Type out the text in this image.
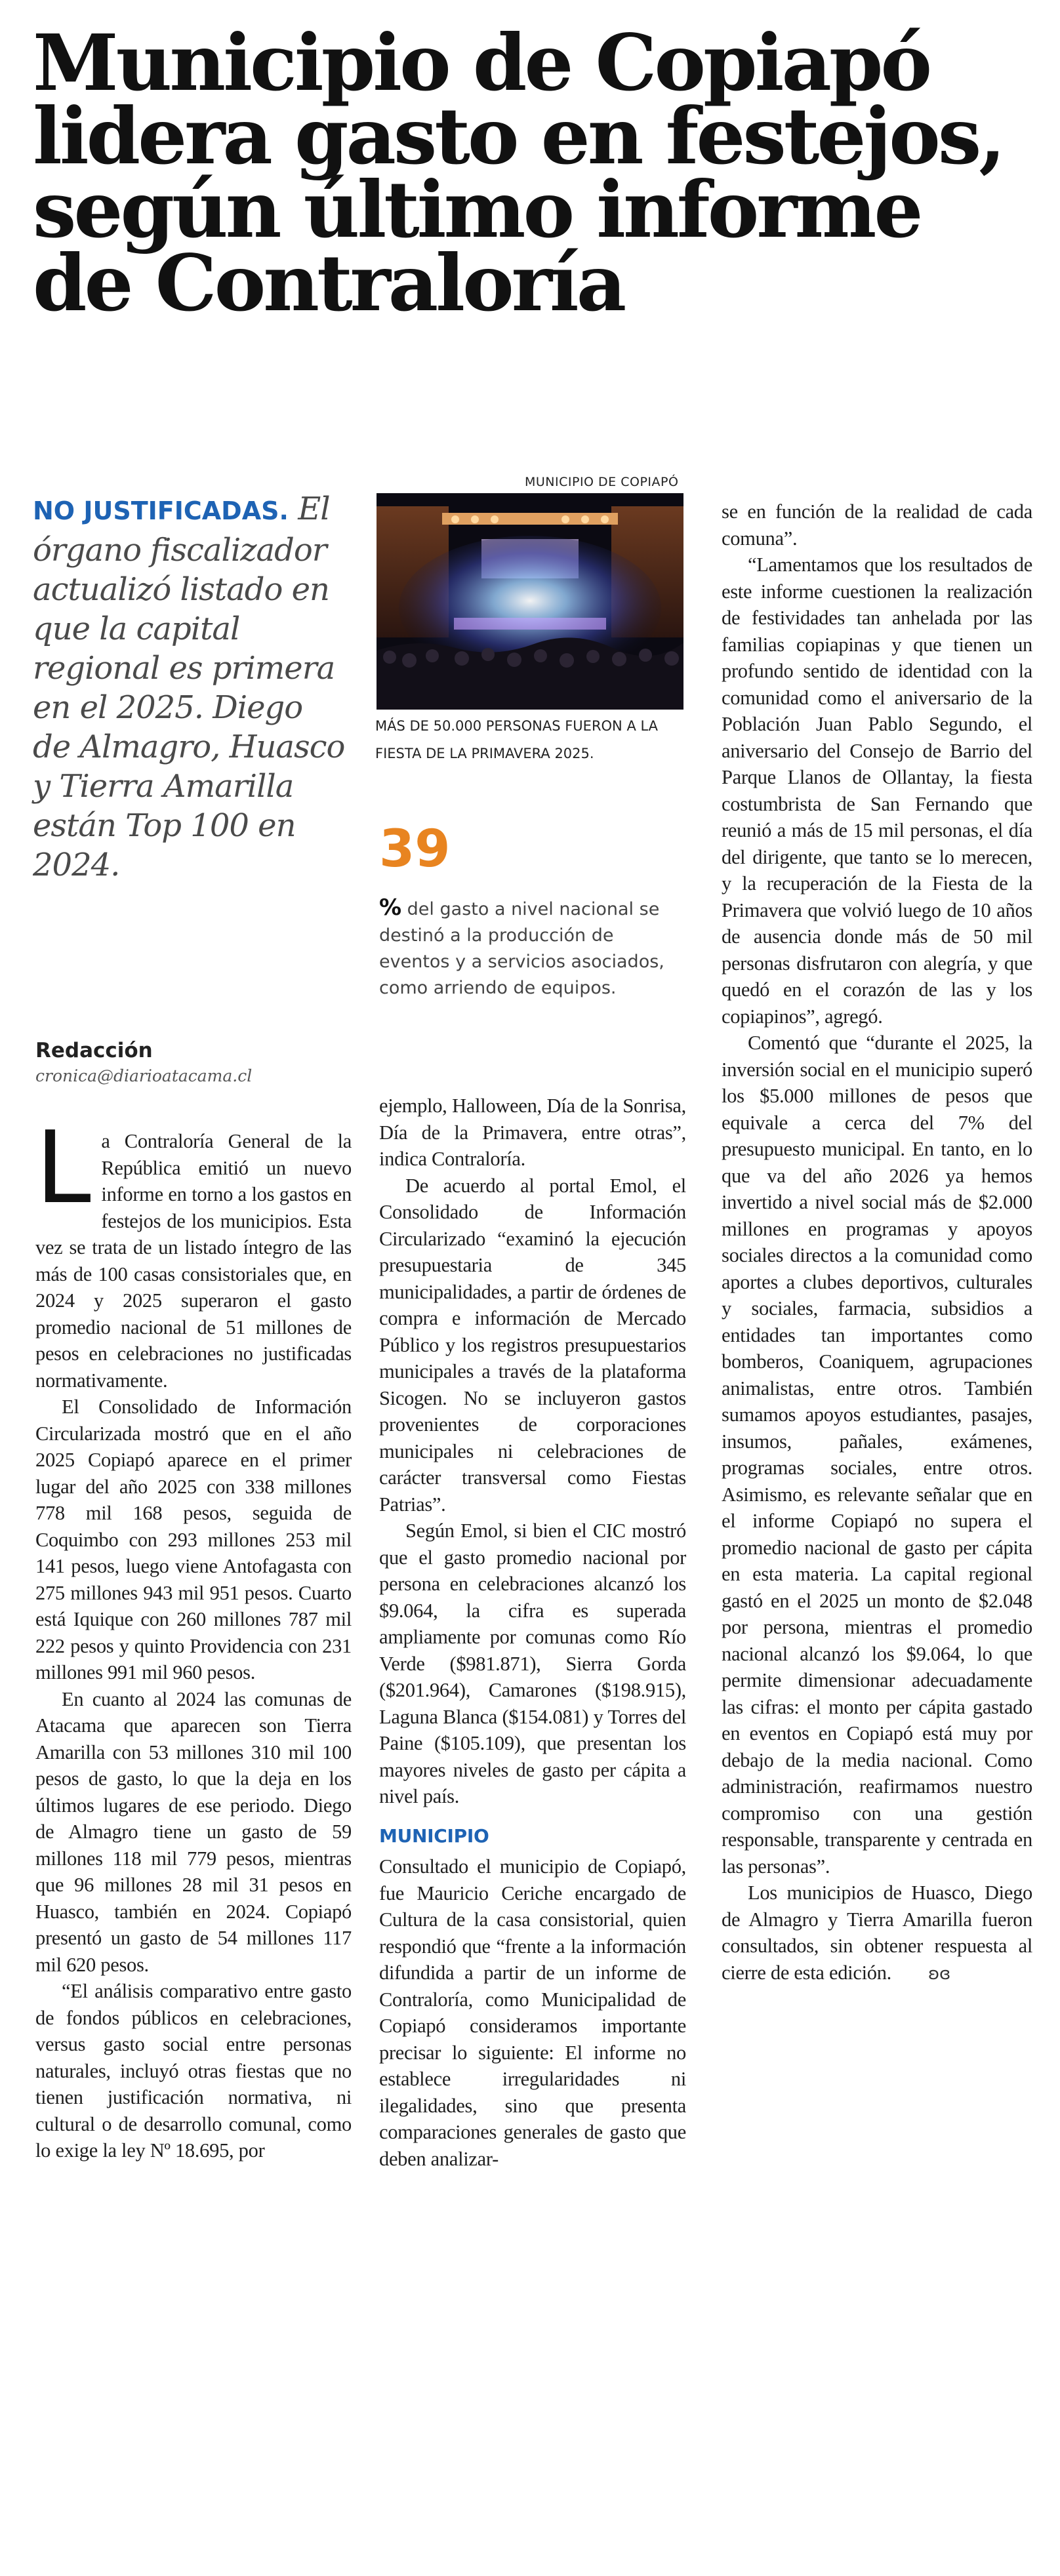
Municipio de Copiapó
lidera gasto en festejos,
según último informe
de Contraloría

NO JUSTIFICADAS. El órgano fiscalizador actualizó listado en que la capital regional es primera en el 2025. Diego de Almagro, Huasco y Tierra Amarilla están Top 100 en 2024.

MUNICIPIO DE COPIAPÓ
MÁS DE 50.000 PERSONAS FUERON A LA FIESTA DE LA PRIMAVERA 2025.
39
% del gasto a nivel nacional se destinó a la producción de eventos y a servicios asociados, como arriendo de equipos.
Redacción
cronica@diarioatacama.cl

La Contraloría General de la República emitió un nuevo informe en torno a los gastos en festejos de los municipios. Esta vez se trata de un listado íntegro de las más de 100 casas consistoriales que, en 2024 y 2025 superaron el gasto promedio nacional de 51 millones de pesos en celebraciones no justificadas normativamente.

El Consolidado de Información Circularizada mostró que en el año 2025 Copiapó aparece en el primer lugar del año 2025 con 338 millones 778 mil 168 pesos, seguida de Coquimbo con 293 millones 253 mil 141 pesos, luego viene Antofagasta con 275 millones 943 mil 951 pesos. Cuarto está Iquique con 260 millones 787 mil 222 pesos y quinto Providencia con 231 millones 991 mil 960 pesos.

En cuanto al 2024 las comunas de Atacama que aparecen son Tierra Amarilla con 53 millones 310 mil 100 pesos de gasto, lo que la deja en los últimos lugares de ese periodo. Diego de Almagro tiene un gasto de 59 millones 118 mil 779 pesos, mientras que 96 millones 28 mil 31 pesos en Huasco, también en 2024. Copiapó presentó un gasto de 54 millones 117 mil 620 pesos.

“El análisis comparativo entre gasto de fondos públicos en celebraciones, versus gasto social entre personas naturales, incluyó otras fiestas que no tienen justificación normativa, ni cultural o de desarrollo comunal, como lo exige la ley Nº 18.695, por

ejemplo, Halloween, Día de la Sonrisa, Día de la Primavera, entre otras”, indica Contraloría.

De acuerdo al portal Emol, el Consolidado de Información Circularizado “examinó la ejecución presupuestaria de 345 municipalidades, a partir de órdenes de compra e información de Mercado Público y los registros presupuestarios municipales a través de la plataforma Sicogen. No se incluyeron gastos provenientes de corporaciones municipales ni celebraciones de carácter transversal como Fiestas Patrias”.

Según Emol, si bien el CIC mostró que el gasto promedio nacional por persona en celebraciones alcanzó los $9.064, la cifra es superada ampliamente por comunas como Río Verde ($981.871), Sierra Gorda ($201.964), Camarones ($198.915), Laguna Blanca ($154.081) y Torres del Paine ($105.109), que presentan los mayores niveles de gasto per cápita a nivel país.

MUNICIPIO

Consultado el municipio de Copiapó, fue Mauricio Ceriche encargado de Cultura de la casa consistorial, quien respondió que “frente a la información difundida a partir de un informe de Contraloría, como Municipalidad de Copiapó consideramos importante precisar lo siguiente: El informe no establece irregularidades ni ilegalidades, sino que presenta comparaciones generales de gasto que deben analizar-

se en función de la realidad de cada comuna”.

“Lamentamos que los resultados de este informe cuestionen la realización de festividades tan anhelada por las familias copiapinas y que tienen un profundo sentido de identidad con la comunidad como el aniversario de la Población Juan Pablo Segundo, el aniversario del Consejo de Barrio del Parque Llanos de Ollantay, la fiesta costumbrista de San Fernando que reunió a más de 15 mil personas, el día del dirigente, que tanto se lo merecen, y la recuperación de la Fiesta de la Primavera que volvió luego de 10 años de ausencia donde más de 50 mil personas disfrutaron con alegría, y que quedó en el corazón de las y los copiapinos”, agregó.

Comentó que “durante el 2025, la inversión social en el municipio superó los $5.000 millones de pesos que equivale a cerca del 7% del presupuesto municipal. En tanto, en lo que va del año 2026 ya hemos invertido a nivel social más de $2.000 millones en programas y apoyos sociales directos a la comunidad como aportes a clubes deportivos, culturales y sociales, farmacia, subsidios a entidades tan importantes como bomberos, Coaniquem, agrupaciones animalistas, entre otros. También sumamos apoyos estudiantes, pasajes, insumos, pañales, exámenes, programas sociales, entre otros. Asimismo, es relevante señalar que en el informe Copiapó no supera el promedio nacional de gasto per cápita en esta materia. La capital regional gastó en el 2025 un monto de $2.048 por persona, mientras el promedio nacional alcanzó los $9.064, lo que permite dimensionar adecuadamente las cifras: el monto per cápita gastado en eventos en Copiapó está muy por debajo de la media nacional. Como administración, reafirmamos nuestro compromiso con una gestión responsable, transparente y centrada en las personas”.

Los municipios de Huasco, Diego de Almagro y Tierra Amarilla fueron consultados, sin obtener respuesta al cierre de esta edición. ʚɞ
